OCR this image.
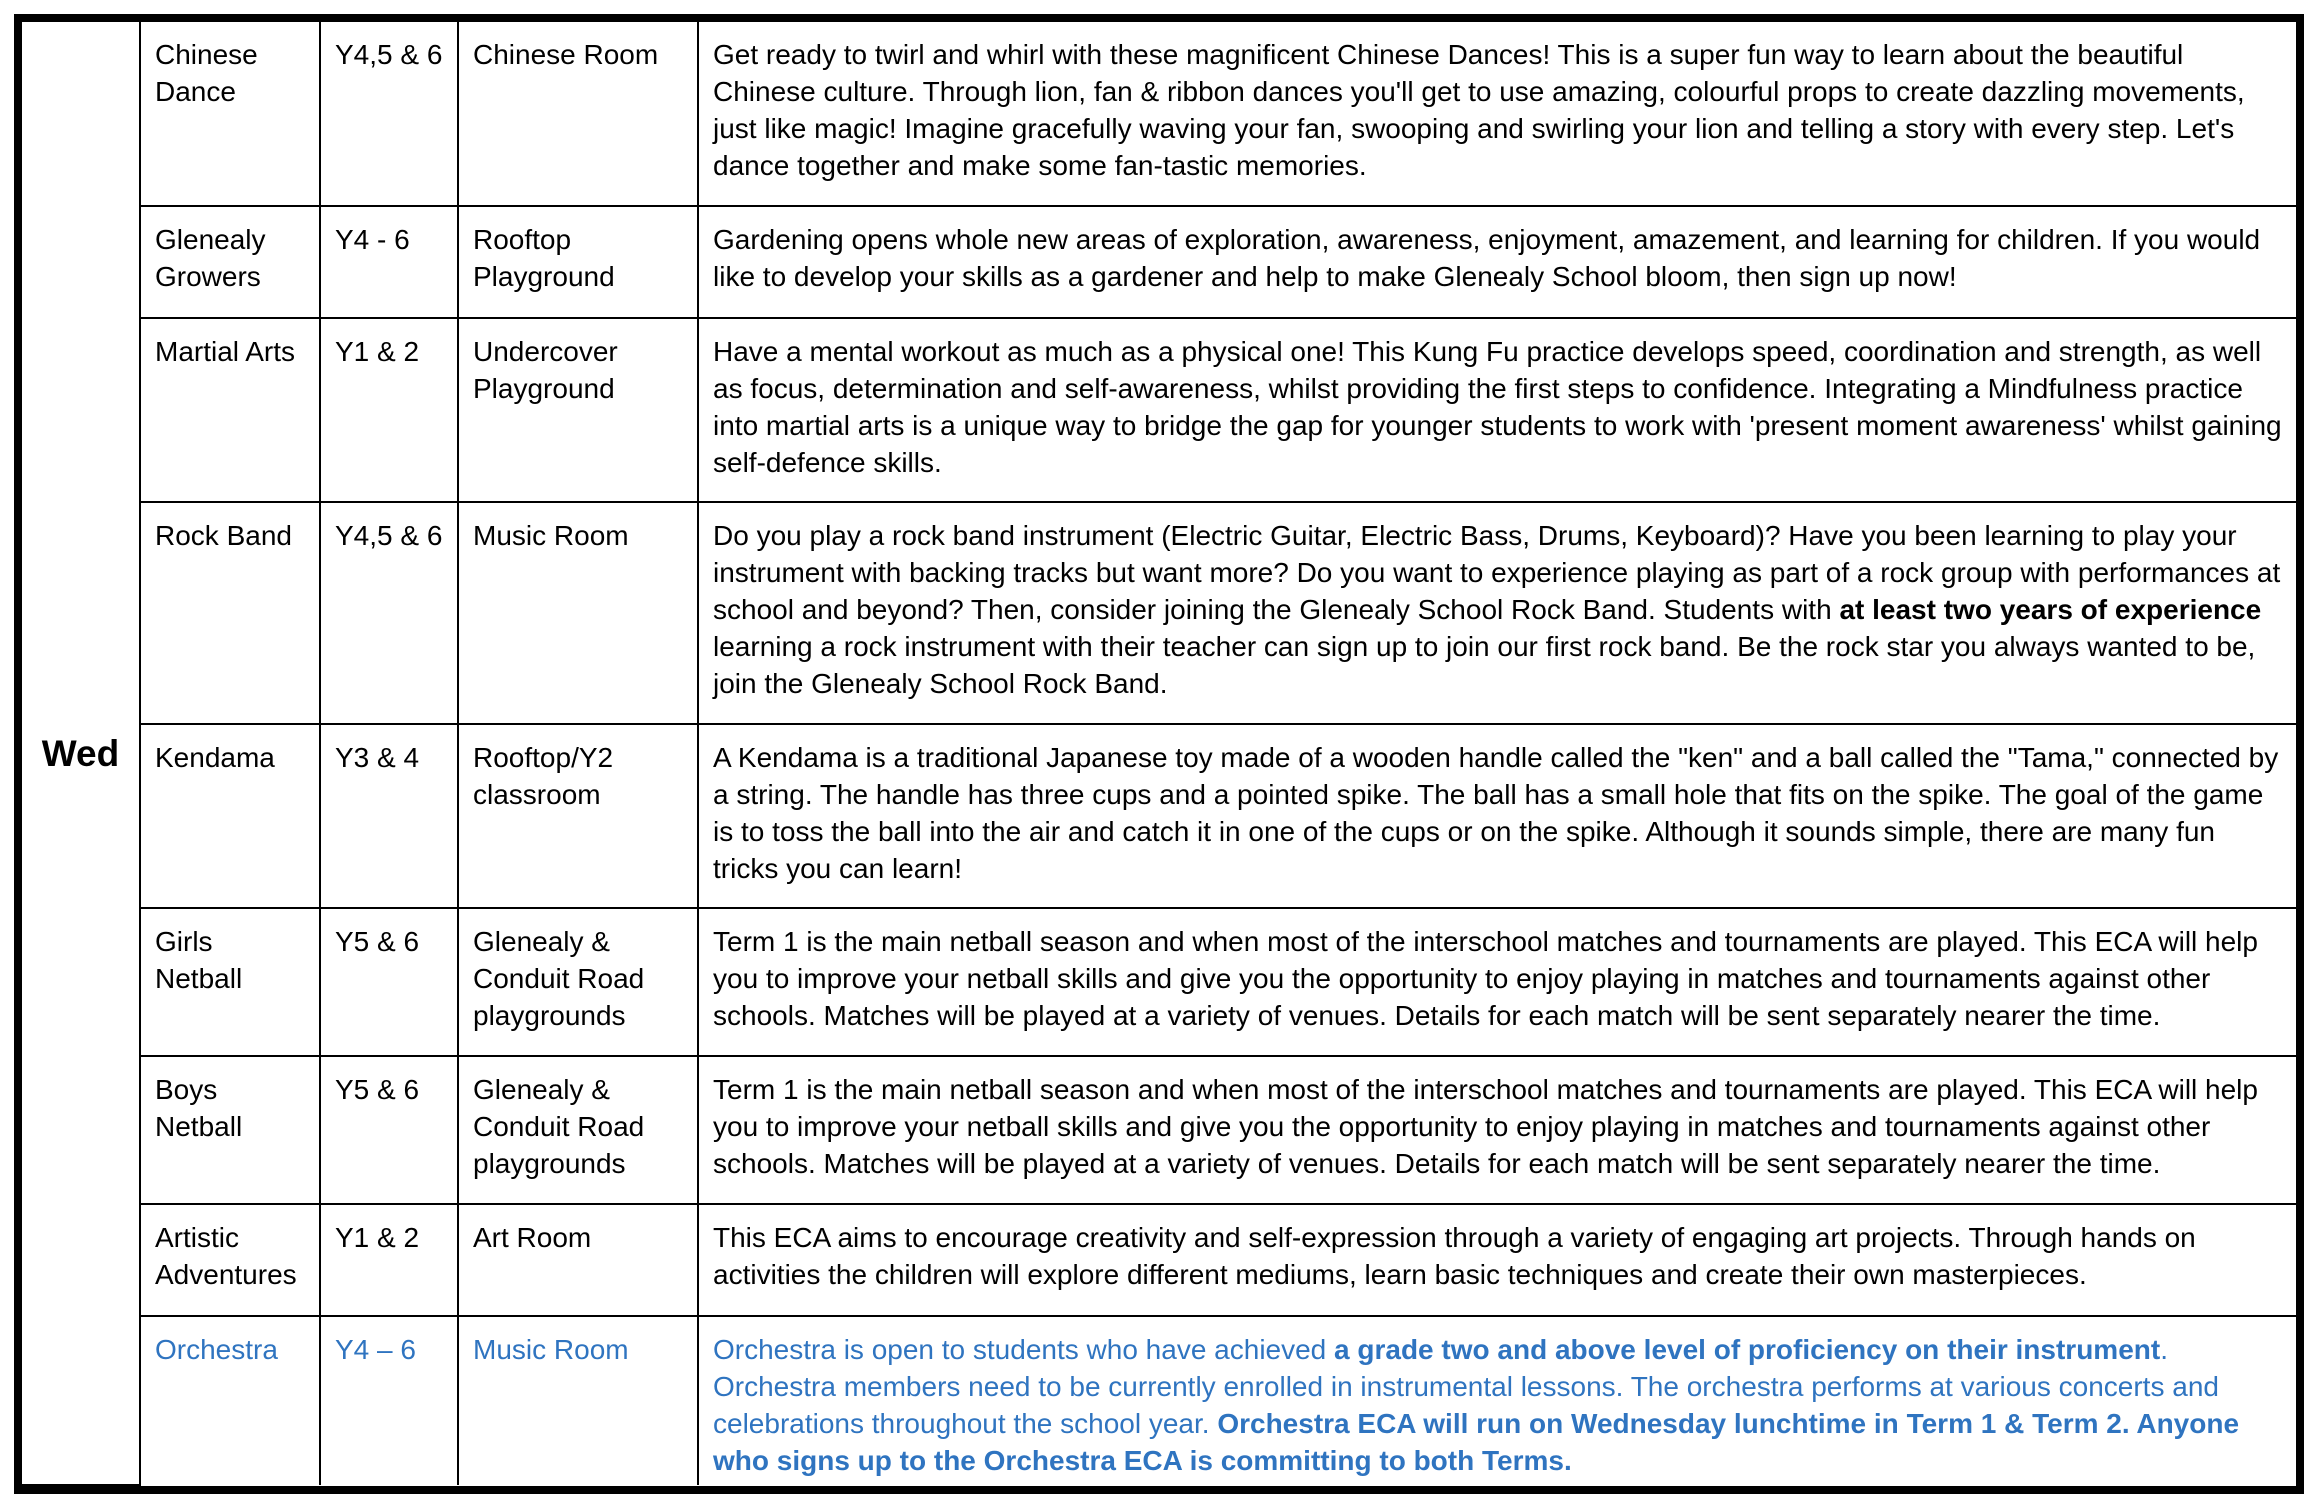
Wed	Chinese Dance	Y4,5 & 6	Chinese Room	Get ready to twirl and whirl with these magnificent Chinese Dances! This is a super fun way to learn about the beautiful Chinese culture. Through lion, fan & ribbon dances you'll get to use amazing, colourful props to create dazzling movements, just like magic! Imagine gracefully waving your fan, swooping and swirling your lion and telling a story with every step. Let's dance together and make some fan-tastic memories.
	Glenealy Growers	Y4 - 6	Rooftop Playground	Gardening opens whole new areas of exploration, awareness, enjoyment, amazement, and learning for children. If you would like to develop your skills as a gardener and help to make Glenealy School bloom, then sign up now!
	Martial Arts	Y1 & 2	Undercover Playground	Have a mental workout as much as a physical one! This Kung Fu practice develops speed, coordination and strength, as well as focus, determination and self-awareness, whilst providing the first steps to confidence. Integrating a Mindfulness practice into martial arts is a unique way to bridge the gap for younger students to work with 'present moment awareness' whilst gaining self-defence skills.
	Rock Band	Y4,5 & 6	Music Room	Do you play a rock band instrument (Electric Guitar, Electric Bass, Drums, Keyboard)? Have you been learning to play your instrument with backing tracks but want more? Do you want to experience playing as part of a rock group with performances at school and beyond? Then, consider joining the Glenealy School Rock Band. Students with at least two years of experience learning a rock instrument with their teacher can sign up to join our first rock band. Be the rock star you always wanted to be, join the Glenealy School Rock Band.
	Kendama	Y3 & 4	Rooftop/Y2 classroom	A Kendama is a traditional Japanese toy made of a wooden handle called the "ken" and a ball called the "Tama," connected by a string. The handle has three cups and a pointed spike. The ball has a small hole that fits on the spike. The goal of the game is to toss the ball into the air and catch it in one of the cups or on the spike. Although it sounds simple, there are many fun tricks you can learn!
	Girls Netball	Y5 & 6	Glenealy & Conduit Road playgrounds	Term 1 is the main netball season and when most of the interschool matches and tournaments are played. This ECA will help you to improve your netball skills and give you the opportunity to enjoy playing in matches and tournaments against other schools. Matches will be played at a variety of venues. Details for each match will be sent separately nearer the time.
	Boys Netball	Y5 & 6	Glenealy & Conduit Road playgrounds	Term 1 is the main netball season and when most of the interschool matches and tournaments are played. This ECA will help you to improve your netball skills and give you the opportunity to enjoy playing in matches and tournaments against other schools. Matches will be played at a variety of venues. Details for each match will be sent separately nearer the time.
	Artistic Adventures	Y1 & 2	Art Room	This ECA aims to encourage creativity and self-expression through a variety of engaging art projects. Through hands on activities the children will explore different mediums, learn basic techniques and create their own masterpieces.
	Orchestra	Y4 – 6	Music Room	Orchestra is open to students who have achieved a grade two and above level of proficiency on their instrument. Orchestra members need to be currently enrolled in instrumental lessons. The orchestra performs at various concerts and celebrations throughout the school year. Orchestra ECA will run on Wednesday lunchtime in Term 1 & Term 2. Anyone who signs up to the Orchestra ECA is committing to both Terms.
